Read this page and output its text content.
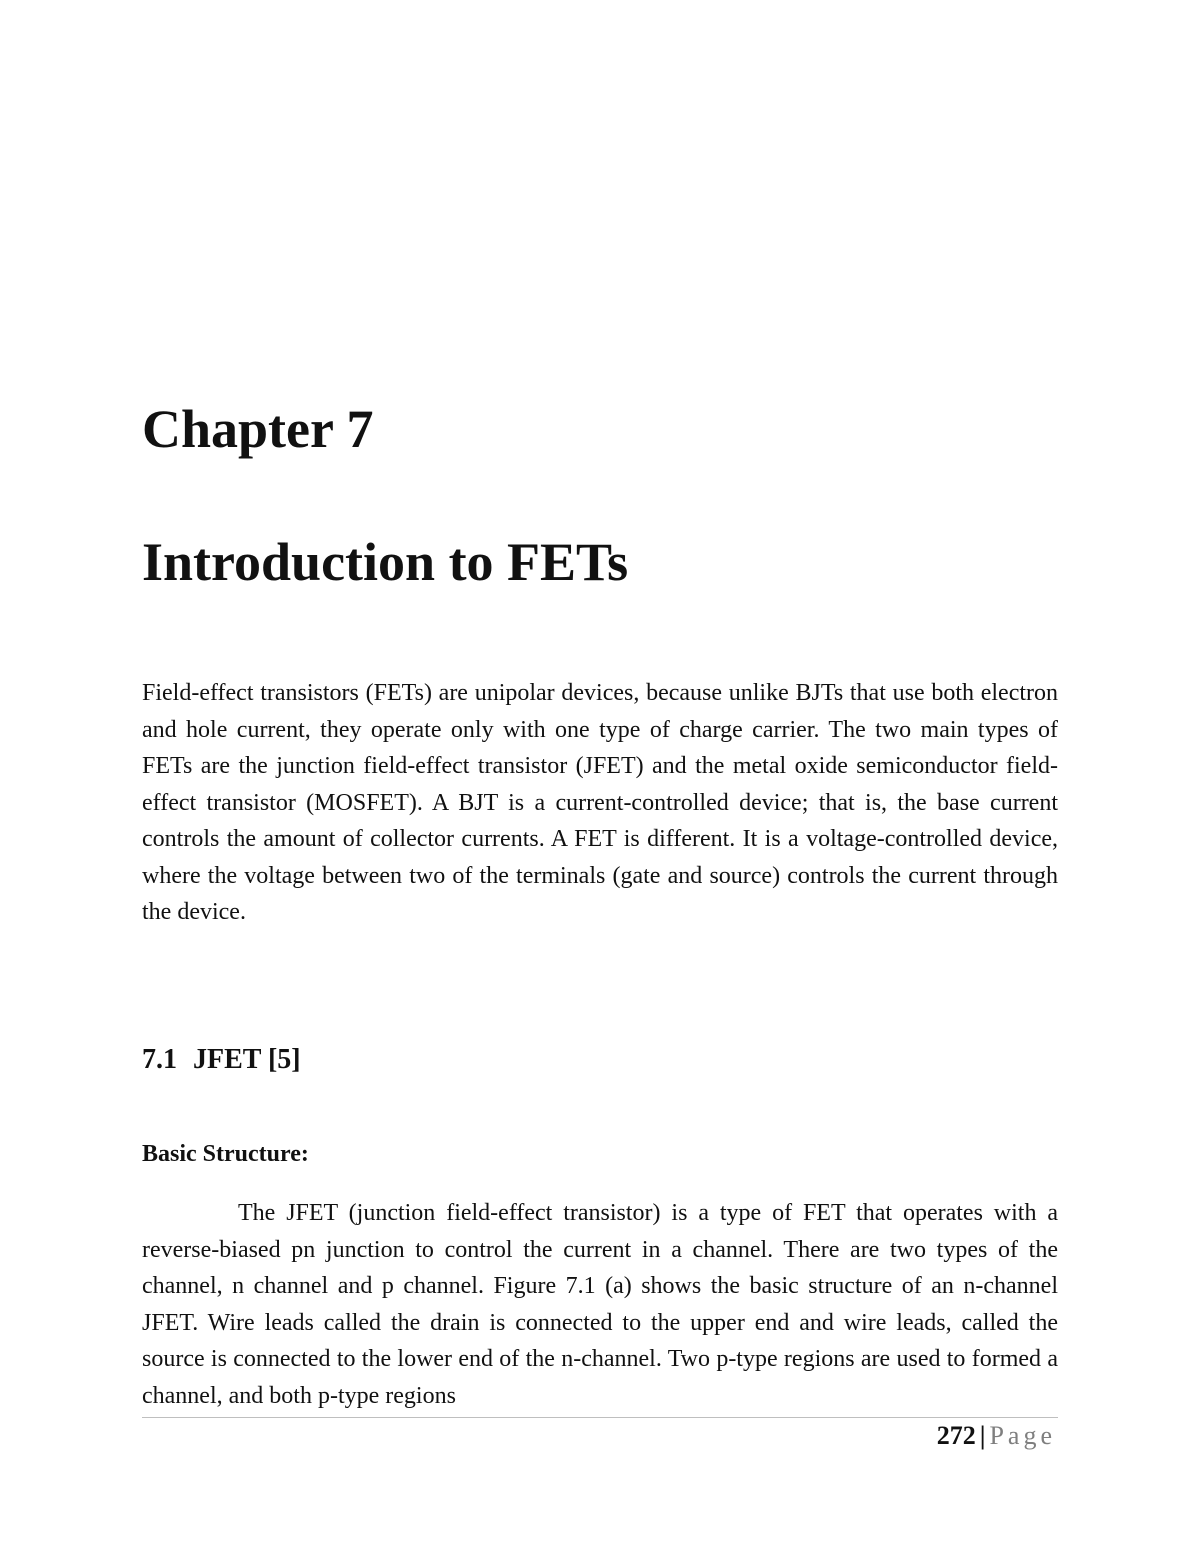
Chapter 7
Introduction to FETs

Field-effect transistors (FETs) are unipolar devices, because unlike BJTs that use both electron and hole current, they operate only with one type of charge carrier. The two main types of FETs are the junction field-effect transistor (JFET) and the metal oxide semiconductor field-effect transistor (MOSFET). A BJT is a current-controlled device; that is, the base current controls the amount of collector currents. A FET is different. It is a voltage-controlled device, where the voltage between two of the terminals (gate and source) controls the current through the device.

7.1 JFET [5]
Basic Structure:

The JFET (junction field-effect transistor) is a type of FET that operates with a reverse-biased pn junction to control the current in a channel. There are two types of the channel, n channel and p channel. Figure 7.1 (a) shows the basic structure of an n-channel JFET. Wire leads called the drain is connected to the upper end and wire leads, called the source is connected to the lower end of the n-channel. Two p-type regions are used to formed a channel, and both p-type regions

272 | Page
